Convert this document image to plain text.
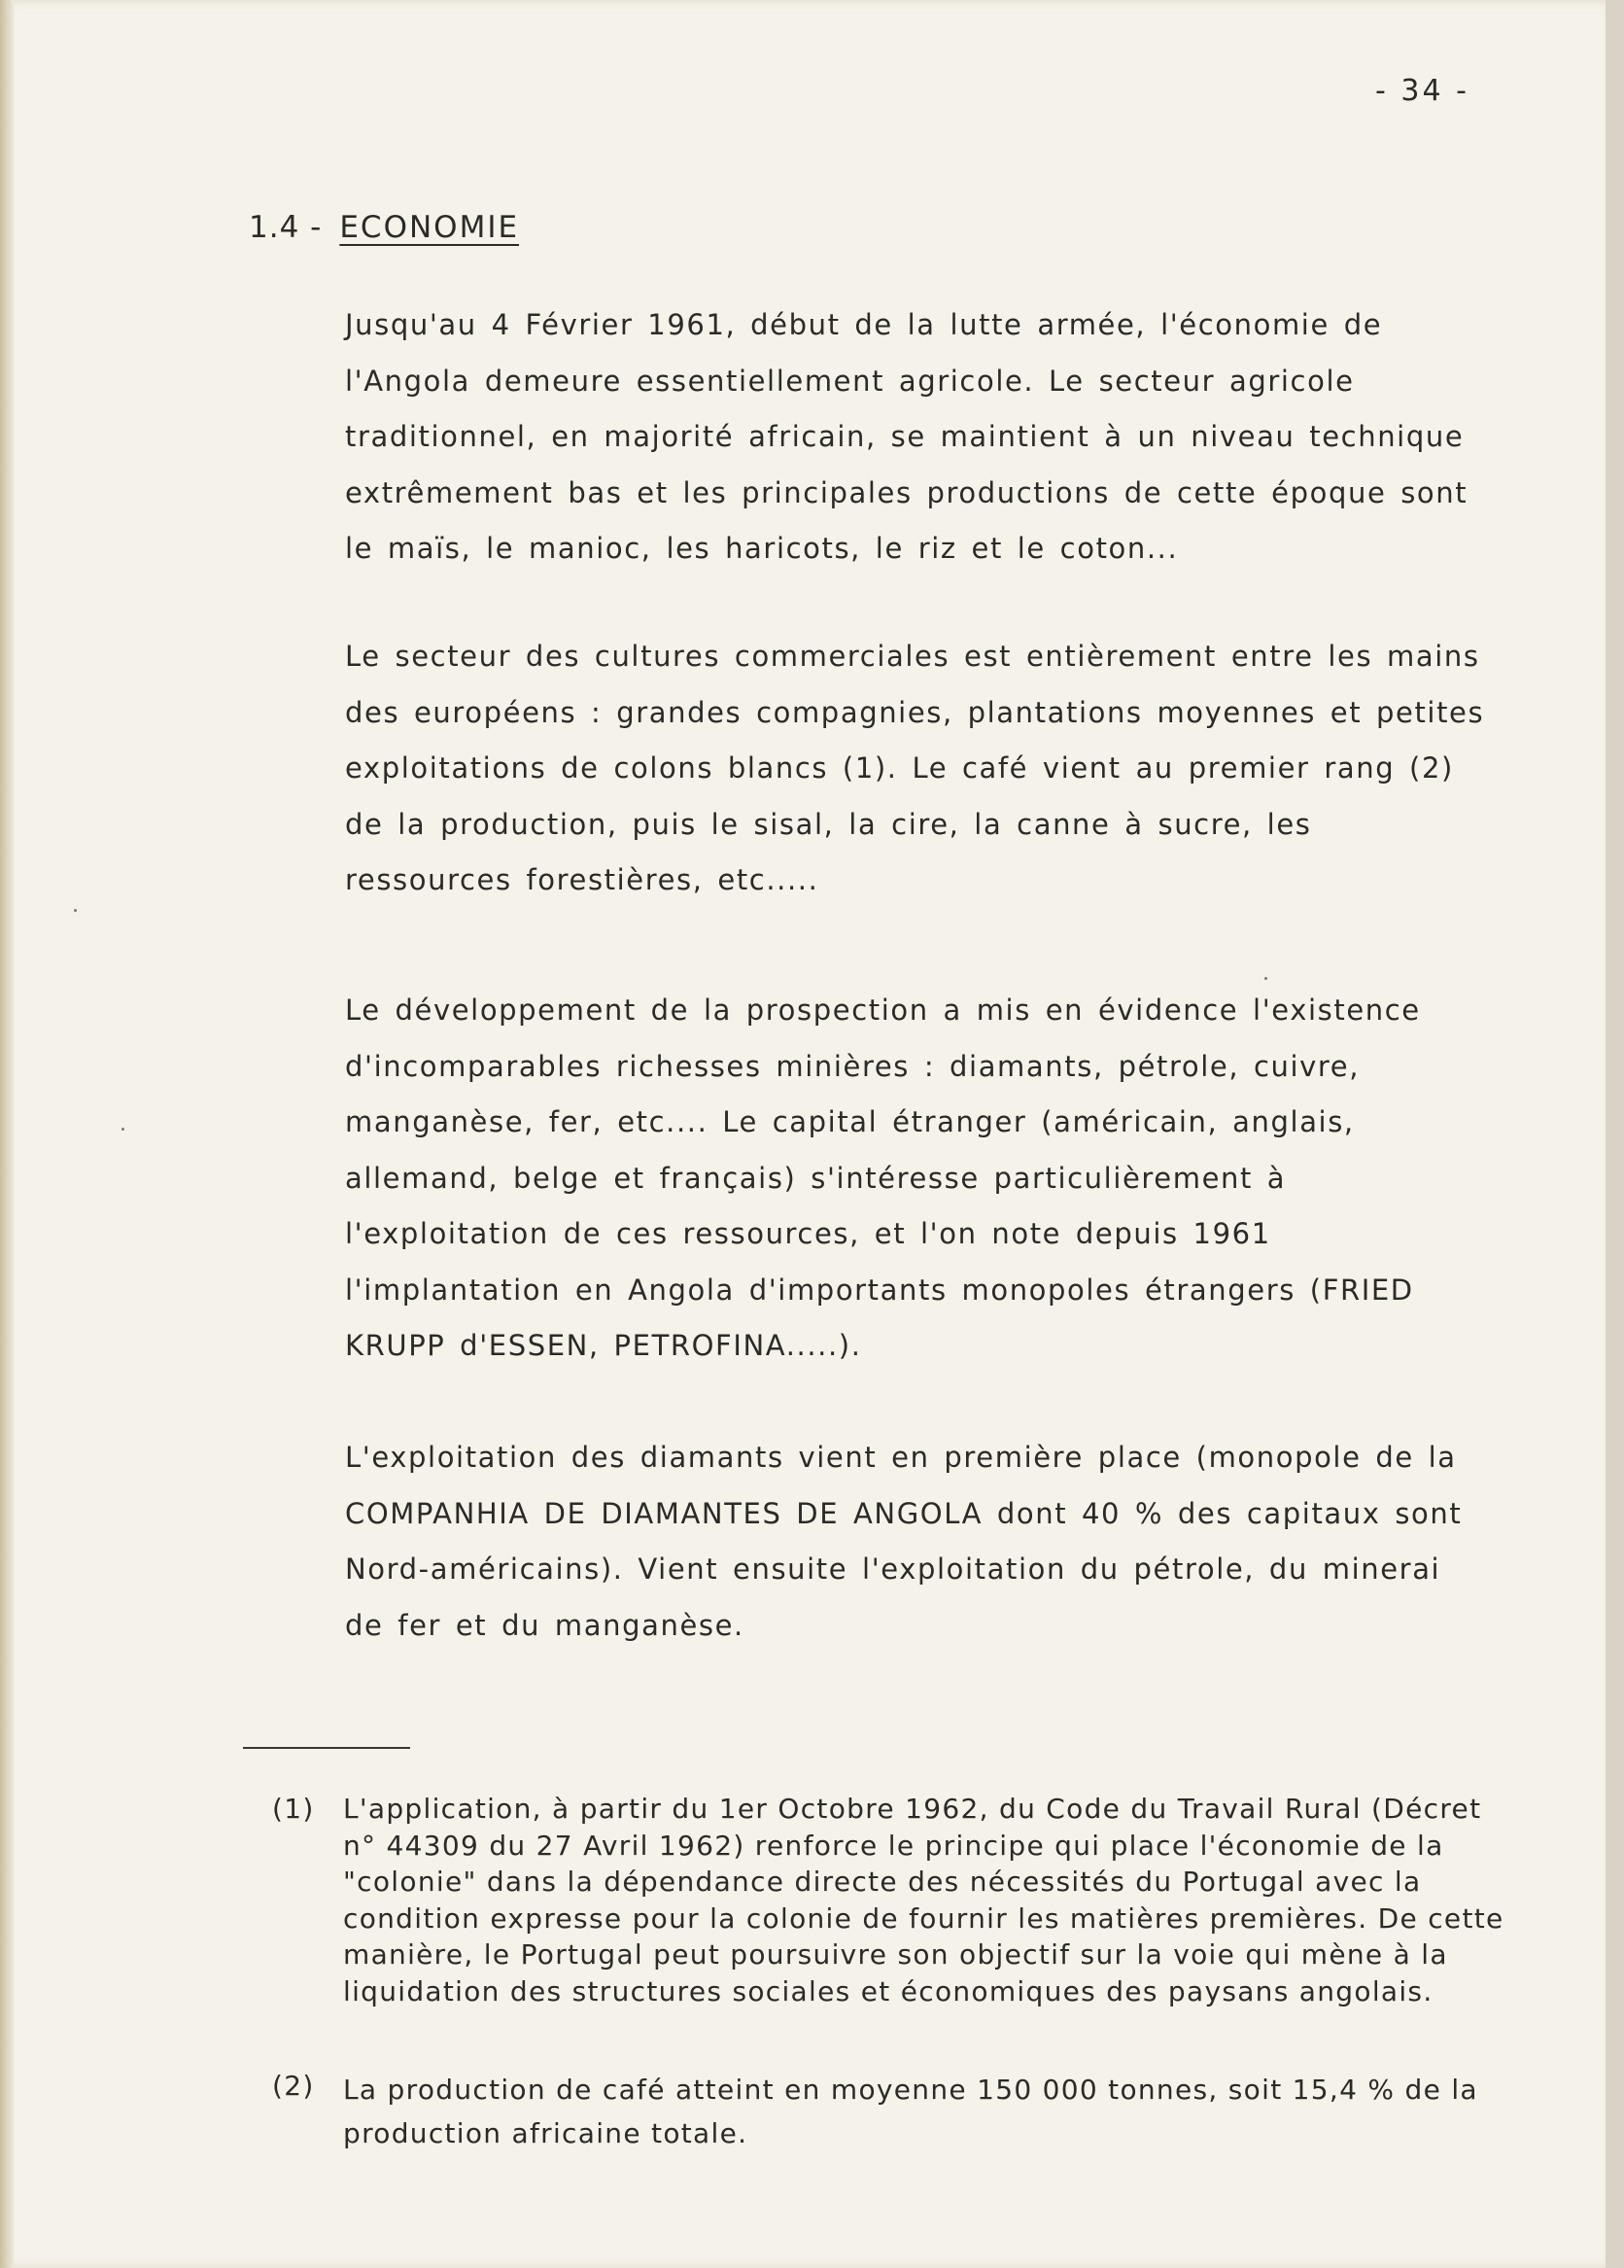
- 34 -
1.4 - ECONOMIE

Jusqu'au 4 Février 1961, début de la lutte armée, l'économie de l'Angola demeure essentiellement agricole. Le secteur agricole traditionnel, en majorité africain, se maintient à un niveau technique extrêmement bas et les principales productions de cette époque sont le maïs, le manioc, les haricots, le riz et le coton...

Le secteur des cultures commerciales est entièrement entre les mains des européens : grandes compagnies, plantations moyennes et petites exploitations de colons blancs (1). Le café vient au premier rang (2) de la production, puis le sisal, la cire, la canne à sucre, les ressources forestières, etc.....

Le développement de la prospection a mis en évidence l'existence d'incomparables richesses minières : diamants, pétrole, cuivre, manganèse, fer, etc.... Le capital étranger (américain, anglais, allemand, belge et français) s'intéresse particulièrement à l'exploitation de ces ressources, et l'on note depuis 1961 l'implantation en Angola d'importants monopoles étrangers (FRIED KRUPP d'ESSEN, PETROFINA.....).

L'exploitation des diamants vient en première place (monopole de la COMPANHIA DE DIAMANTES DE ANGOLA dont 40 % des capitaux sont Nord-américains). Vient ensuite l'exploitation du pétrole, du minerai de fer et du manganèse.

(1) L'application, à partir du 1er Octobre 1962, du Code du Travail Rural (Décret n° 44309 du 27 Avril 1962) renforce le principe qui place l'économie de la "colonie" dans la dépendance directe des nécessités du Portugal avec la condition expresse pour la colonie de fournir les matières premières. De cette manière, le Portugal peut poursuivre son objectif sur la voie qui mène à la liquidation des structures sociales et économiques des paysans angolais.
(2) La production de café atteint en moyenne 150 000 tonnes, soit 15,4 % de la production africaine totale.
